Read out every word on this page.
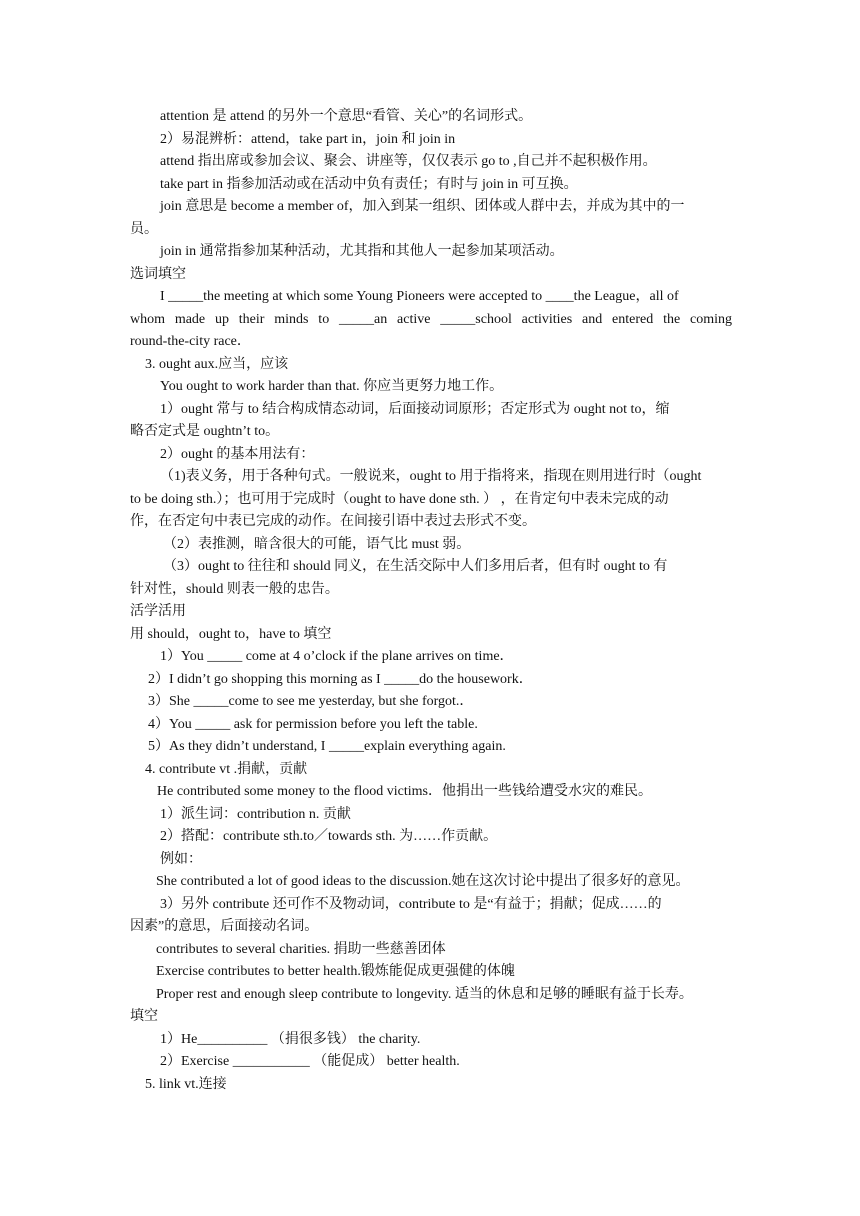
attention 是 attend 的另外一个意思“看管、关心”的名词形式。
2）易混辨析：attend，take part in，join 和 join in
attend 指出席或参加会议、聚会、讲座等，仅仅表示 go to ,自己并不起积极作用。
take part in 指参加活动或在活动中负有责任；有时与 join in 可互换。
join 意思是 become a member of，加入到某一组织、团体或人群中去，并成为其中的一
员。
join in 通常指参加某种活动，尤其指和其他人一起参加某项活动。
选词填空
I _____the meeting at which some Young Pioneers were accepted to ____the League，all of
whom made up their minds to _____an active _____school activities and entered the coming
round-the-city race．
3. ought aux.应当，应该
You ought to work harder than that. 你应当更努力地工作。
1）ought 常与 to 结合构成情态动词，后面接动词原形；否定形式为 ought not to，缩
略否定式是 oughtn’t to。
2）ought 的基本用法有：
（1)表义务，用于各种句式。一般说来，ought to 用于指将来，指现在则用进行时（ought
to be doing sth.）；也可用于完成时（ought to have done sth. ） ，在肯定句中表未完成的动
作，在否定句中表已完成的动作。在间接引语中表过去形式不变。
（2）表推测，暗含很大的可能，语气比 must 弱。
（3）ought to 往往和 should 同义，在生活交际中人们多用后者，但有时 ought to 有
针对性，should 则表一般的忠告。
活学活用
用 should，ought to，have to 填空
1）You _____ come at 4 o’clock if the plane arrives on time．
2）I didn’t go shopping this morning as I _____do the housework．
3）She _____come to see me yesterday, but she forgot.．
4）You _____ ask for permission before you left the table.
5）As they didn’t understand, I _____explain everything again.
4. contribute vt .捐献，贡献
He contributed some money to the flood victims．他捐出一些钱给遭受水灾的难民。
1）派生词：contribution n. 贡献
2）搭配：contribute sth.to／towards sth. 为……作贡献。
例如：
She contributed a lot of good ideas to the discussion.她在这次讨论中提出了很多好的意见。
3）另外 contribute 还可作不及物动词，contribute to 是“有益于；捐献；促成……的
因素”的意思，后面接动名词。
contributes to several charities. 捐助一些慈善团体
Exercise contributes to better health.锻炼能促成更强健的体魄
Proper rest and enough sleep contribute to longevity. 适当的休息和足够的睡眠有益于长寿。
填空
1）He__________ （捐很多钱） the charity.
2）Exercise ___________ （能促成） better health.
5. link vt.连接
